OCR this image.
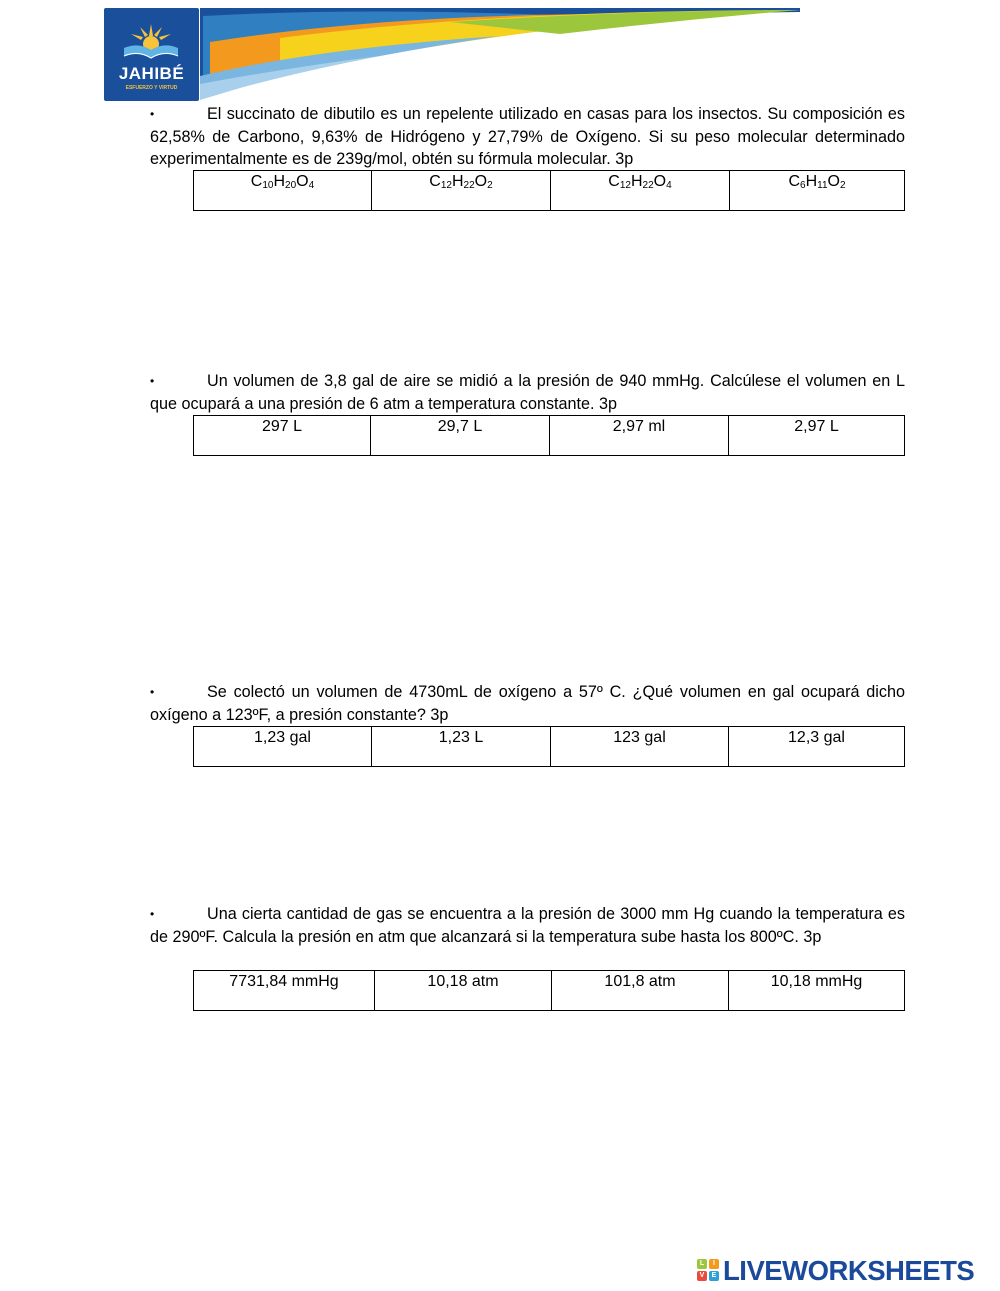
JAHIBÉ
ESFUERZO Y VIRTUD

•	El succinato de dibutilo es un repelente utilizado en casas para los insectos. Su composición es 62,58% de Carbono, 9,63% de Hidrógeno y 27,79% de Oxígeno. Si su peso molecular determinado experimentalmente es de 239g/mol, obtén su fórmula molecular. 3p

$C_{10}H_{20}O_4$	$C_{12}H_{22}O_2$	$C_{12}H_{22}O_4$	$C_6H_{11}O_2$

•	Un volumen de 3,8 gal de aire se midió a la presión de 940 mmHg. Calcúlese el volumen en L que ocupará a una presión de 6 atm a temperatura constante. 3p

297 L	29,7 L	2,97 ml	2,97 L

•	Se colectó un volumen de 4730mL de oxígeno a 57º C. ¿Qué volumen en gal ocupará dicho oxígeno a 123ºF, a presión constante? 3p

1,23 gal	1,23 L	123 gal	12,3 gal

•	Una cierta cantidad de gas se encuentra a la presión de 3000 mm Hg cuando la temperatura es de 290ºF. Calcula la presión en atm que alcanzará si la temperatura sube hasta los 800ºC. 3p

7731,84 mmHg	10,18 atm	101,8 atm	10,18 mmHg
L	I
V	E LIVEWORKSHEETS
